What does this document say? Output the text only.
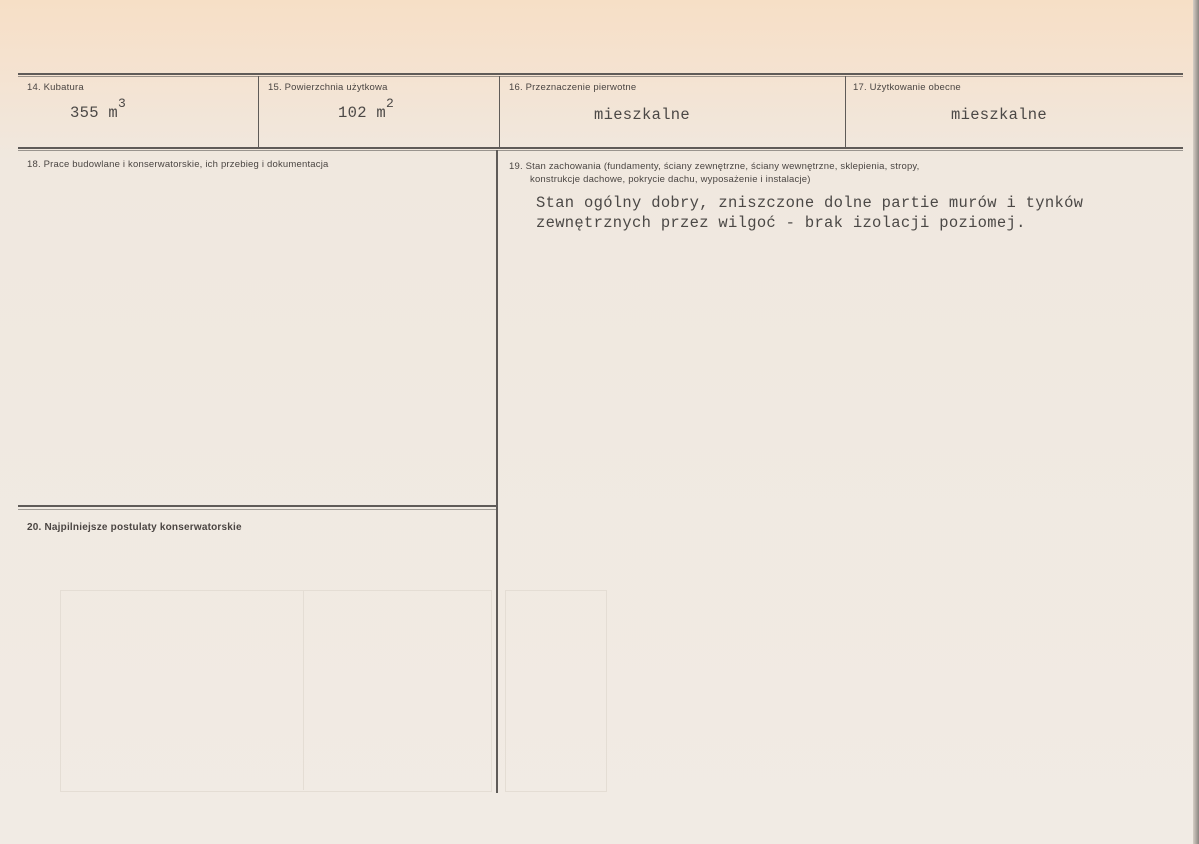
14. Kubatura
355 $m^3$
15. Powierzchnia użytkowa
102 $m^2$
16. Przeznaczenie pierwotne
mieszkalne
17. Użytkowanie obecne
mieszkalne
18. Prace budowlane i konserwatorskie, ich przebieg i dokumentacja	19. Stan zachowania (fundamenty, ściany zewnętrzne, ściany wewnętrzne, sklepienia, stropy,
konstrukcje dachowe, pokrycie dachu, wyposażenie i instalacje)
Stan ogólny dobry, zniszczone dolne partie murów i tynków
zewnętrznych przez wilgoć - brak izolacji poziomej.
20. Najpilniejsze postulaty konserwatorskie
